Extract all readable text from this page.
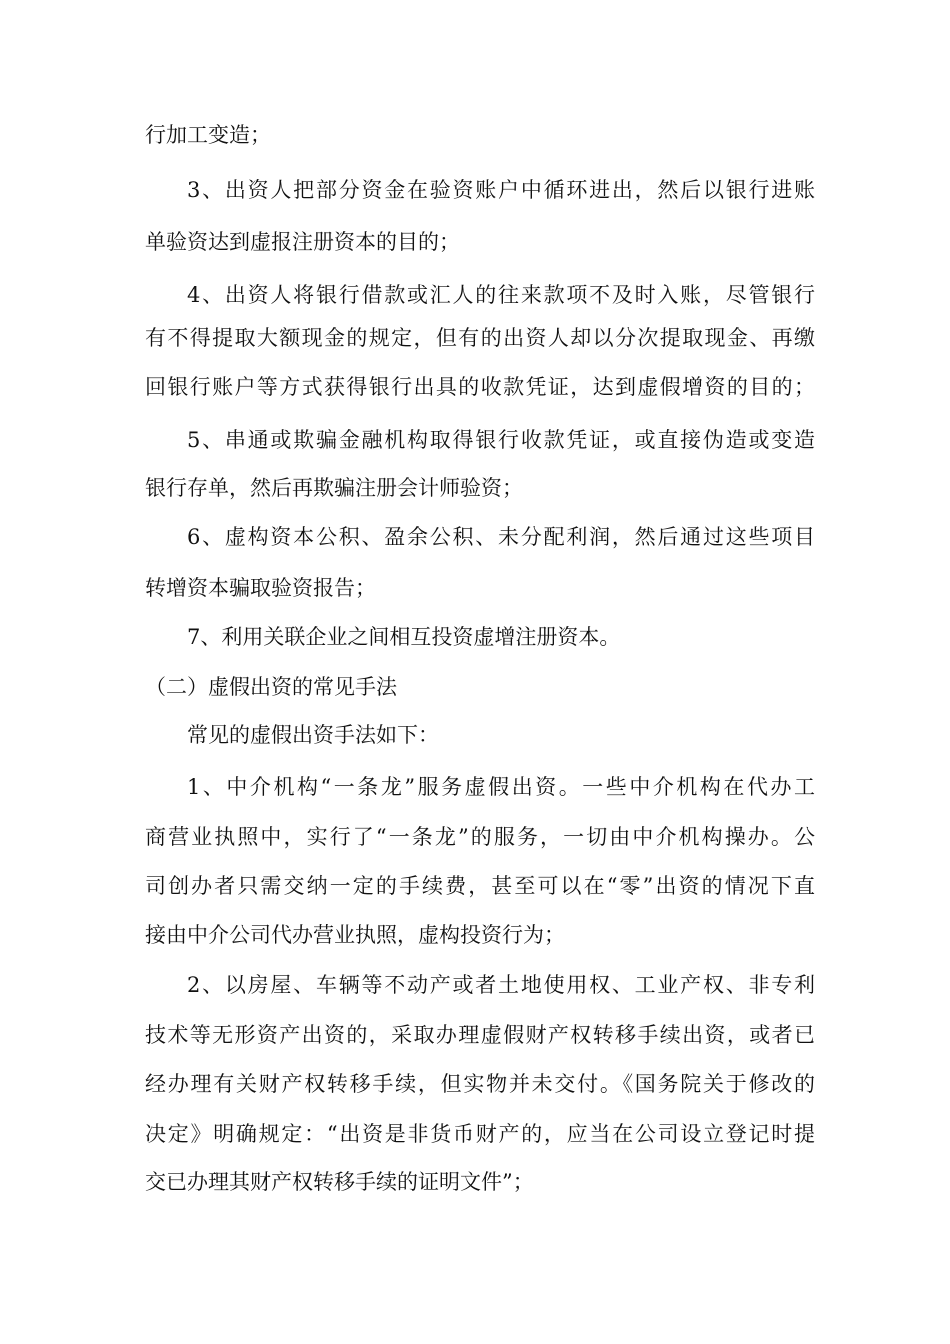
行加工变造；
3、出资人把部分资金在验资账户中循环进出，然后以银行进账
单验资达到虚报注册资本的目的；
4、出资人将银行借款或汇人的往来款项不及时入账，尽管银行
有不得提取大额现金的规定，但有的出资人却以分次提取现金、再缴
回银行账户等方式获得银行出具的收款凭证，达到虚假增资的目的；
5、串通或欺骗金融机构取得银行收款凭证，或直接伪造或变造
银行存单，然后再欺骗注册会计师验资；
6、虚构资本公积、盈余公积、未分配利润，然后通过这些项目
转增资本骗取验资报告；
7、利用关联企业之间相互投资虚增注册资本。
（二）虚假出资的常见手法
常见的虚假出资手法如下：
1、中介机构“一条龙”服务虚假出资。一些中介机构在代办工
商营业执照中，实行了“一条龙”的服务，一切由中介机构操办。公
司创办者只需交纳一定的手续费，甚至可以在“零”出资的情况下直
接由中介公司代办营业执照，虚构投资行为；
2、以房屋、车辆等不动产或者土地使用权、工业产权、非专利
技术等无形资产出资的，采取办理虚假财产权转移手续出资，或者已
经办理有关财产权转移手续，但实物并未交付。《国务院关于修改的
决定》明确规定：“出资是非货币财产的，应当在公司设立登记时提
交已办理其财产权转移手续的证明文件”；
